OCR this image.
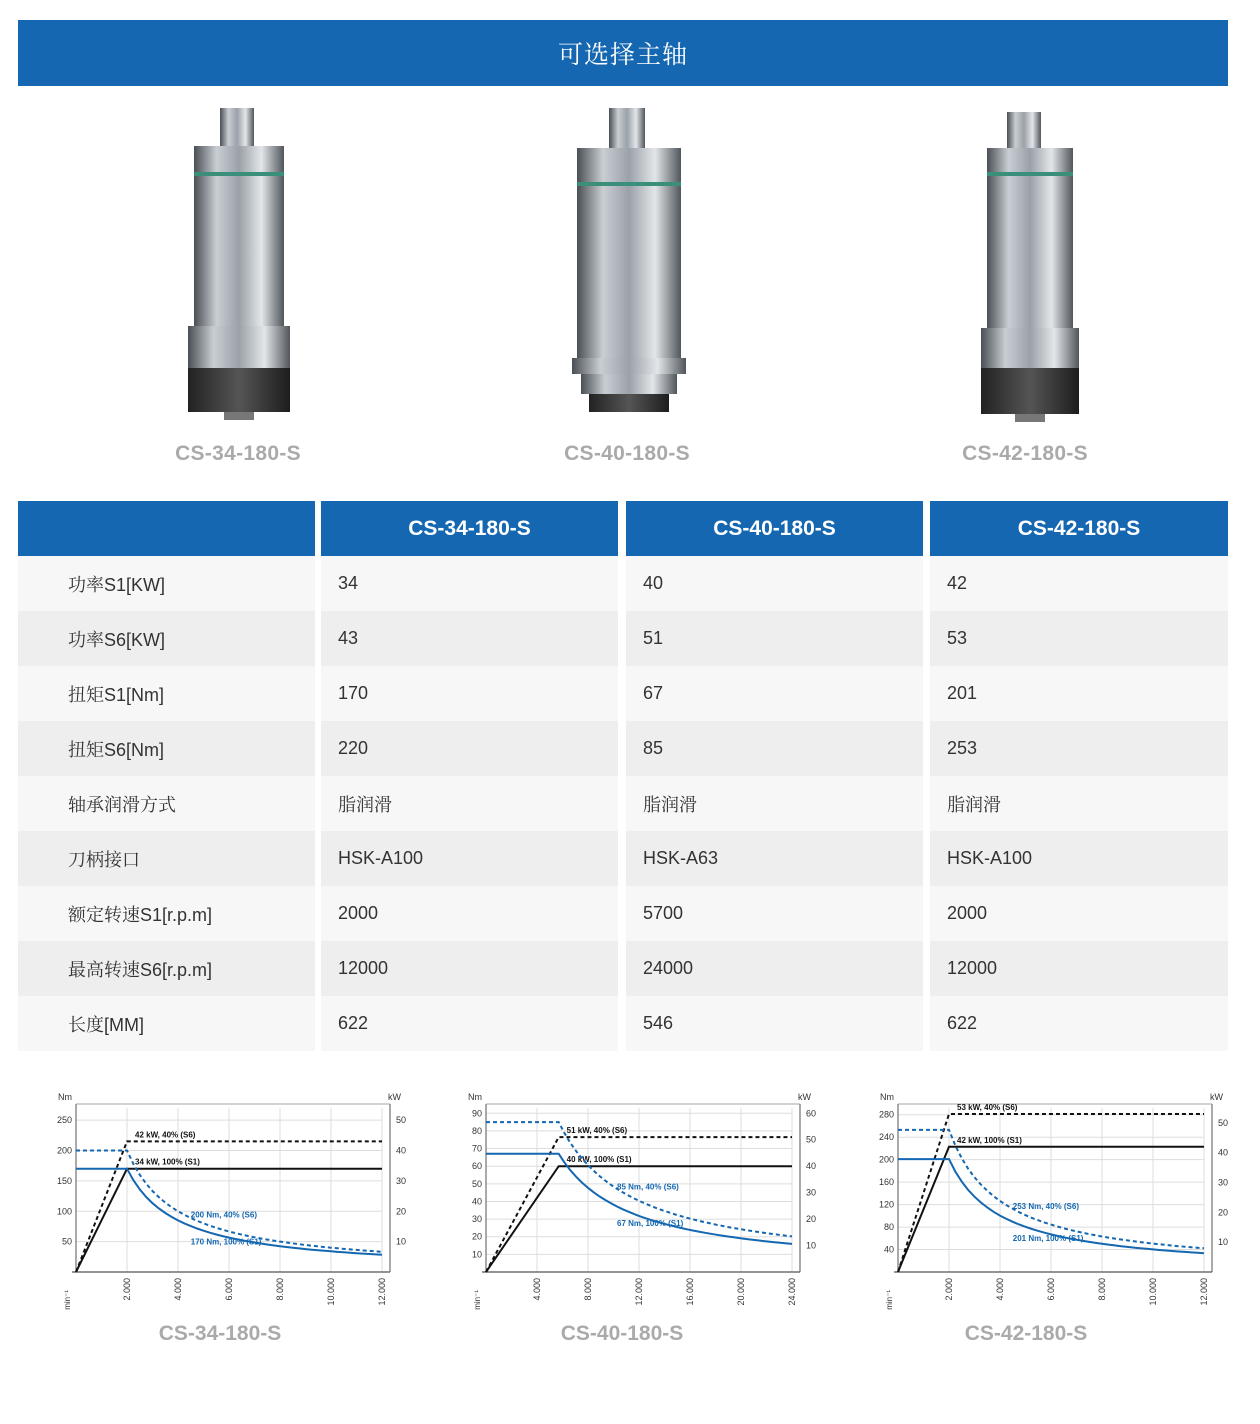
可选择主轴
CS-34-180-S	CS-40-180-S	CS-42-180-S
CS-34-180-S	CS-40-180-S	CS-42-180-S
功率S1[KW]	34	40	42
功率S6[KW]	43	51	53
扭矩S1[Nm]	170	67	201
扭矩S6[Nm]	220	85	253
轴承润滑方式	脂润滑	脂润滑	脂润滑
刀柄接口	HSK-A100	HSK-A63	HSK-A100
额定转速S1[r.p.m]	2000	5700	2000
最高转速S6[r.p.m]	12000	24000	12000
长度[MM]	622	546	622
50
100
150
200
250
10
20
30
40
50
2.000	4.000	6.000	8.000	10.000	12.000
Nm	kW
min⁻¹
42 kW, 40% (S6)
34 kW, 100% (S1)
200 Nm, 40% (S6)
170 Nm, 100% (S1)
10
20
30
40
50
60
70
80
90
10
20
30
40
50
60
4.000	8.000	12.000	16.000	20.000	24.000
Nm	kW
min⁻¹
51 kW, 40% (S6)
40 kW, 100% (S1)
85 Nm, 40% (S6)
67 Nm, 100% (S1)
40
80
120
160
200
240
280
10
20
30
40
50
2.000	4.000	6.000	8.000	10.000	12.000
Nm	kW
min⁻¹
53 kW, 40% (S6)
42 kW, 100% (S1)
253 Nm, 40% (S6)
201 Nm, 100% (S1)
CS-34-180-S	CS-40-180-S	CS-42-180-S
